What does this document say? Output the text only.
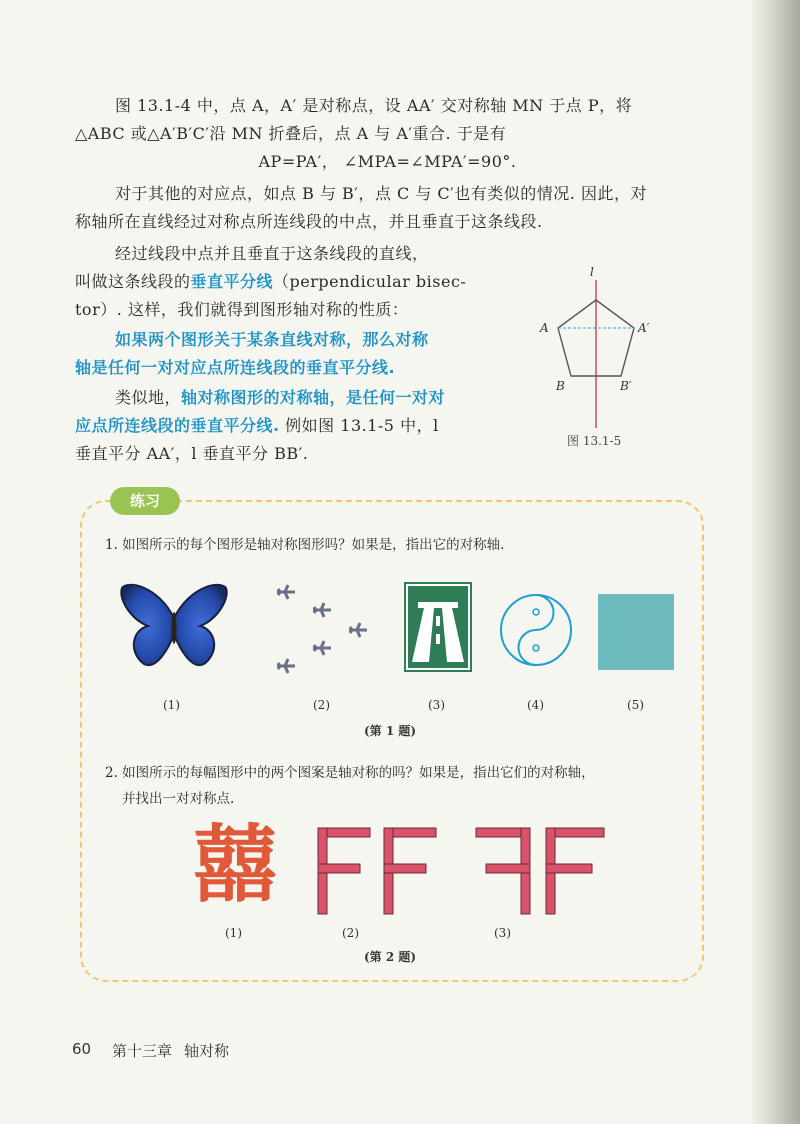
图 13.1-4 中，点 A，A′ 是对称点，设 AA′ 交对称轴 MN 于点 P，将
△ABC 或△A′B′C′沿 MN 折叠后，点 A 与 A′重合. 于是有
AP=PA′， ∠MPA=∠MPA′=90°.
对于其他的对应点，如点 B 与 B′，点 C 与 C′也有类似的情况. 因此，对
称轴所在直线经过对称点所连线段的中点，并且垂直于这条线段.
经过线段中点并且垂直于这条线段的直线，
叫做这条线段的垂直平分线（perpendicular bisec-
tor）. 这样，我们就得到图形轴对称的性质：
如果两个图形关于某条直线对称，那么对称
轴是任何一对对应点所连线段的垂直平分线.
类似地，轴对称图形的对称轴，是任何一对对
应点所连线段的垂直平分线. 例如图 13.1-5 中，l
垂直平分 AA′，l 垂直平分 BB′.
l
A	A′
B	B′
图 13.1-5
练习
1. 如图所示的每个图形是轴对称图形吗？如果是，指出它的对称轴.
(1)	(2)	(3)	(4)	(5)
(第 1 题)
2. 如图所示的每幅图形中的两个图案是轴对称的吗？如果是，指出它们的对称轴，
并找出一对对称点.
囍
(1)	(2)	(3)
(第 2 题)
60 第十三章 轴对称
